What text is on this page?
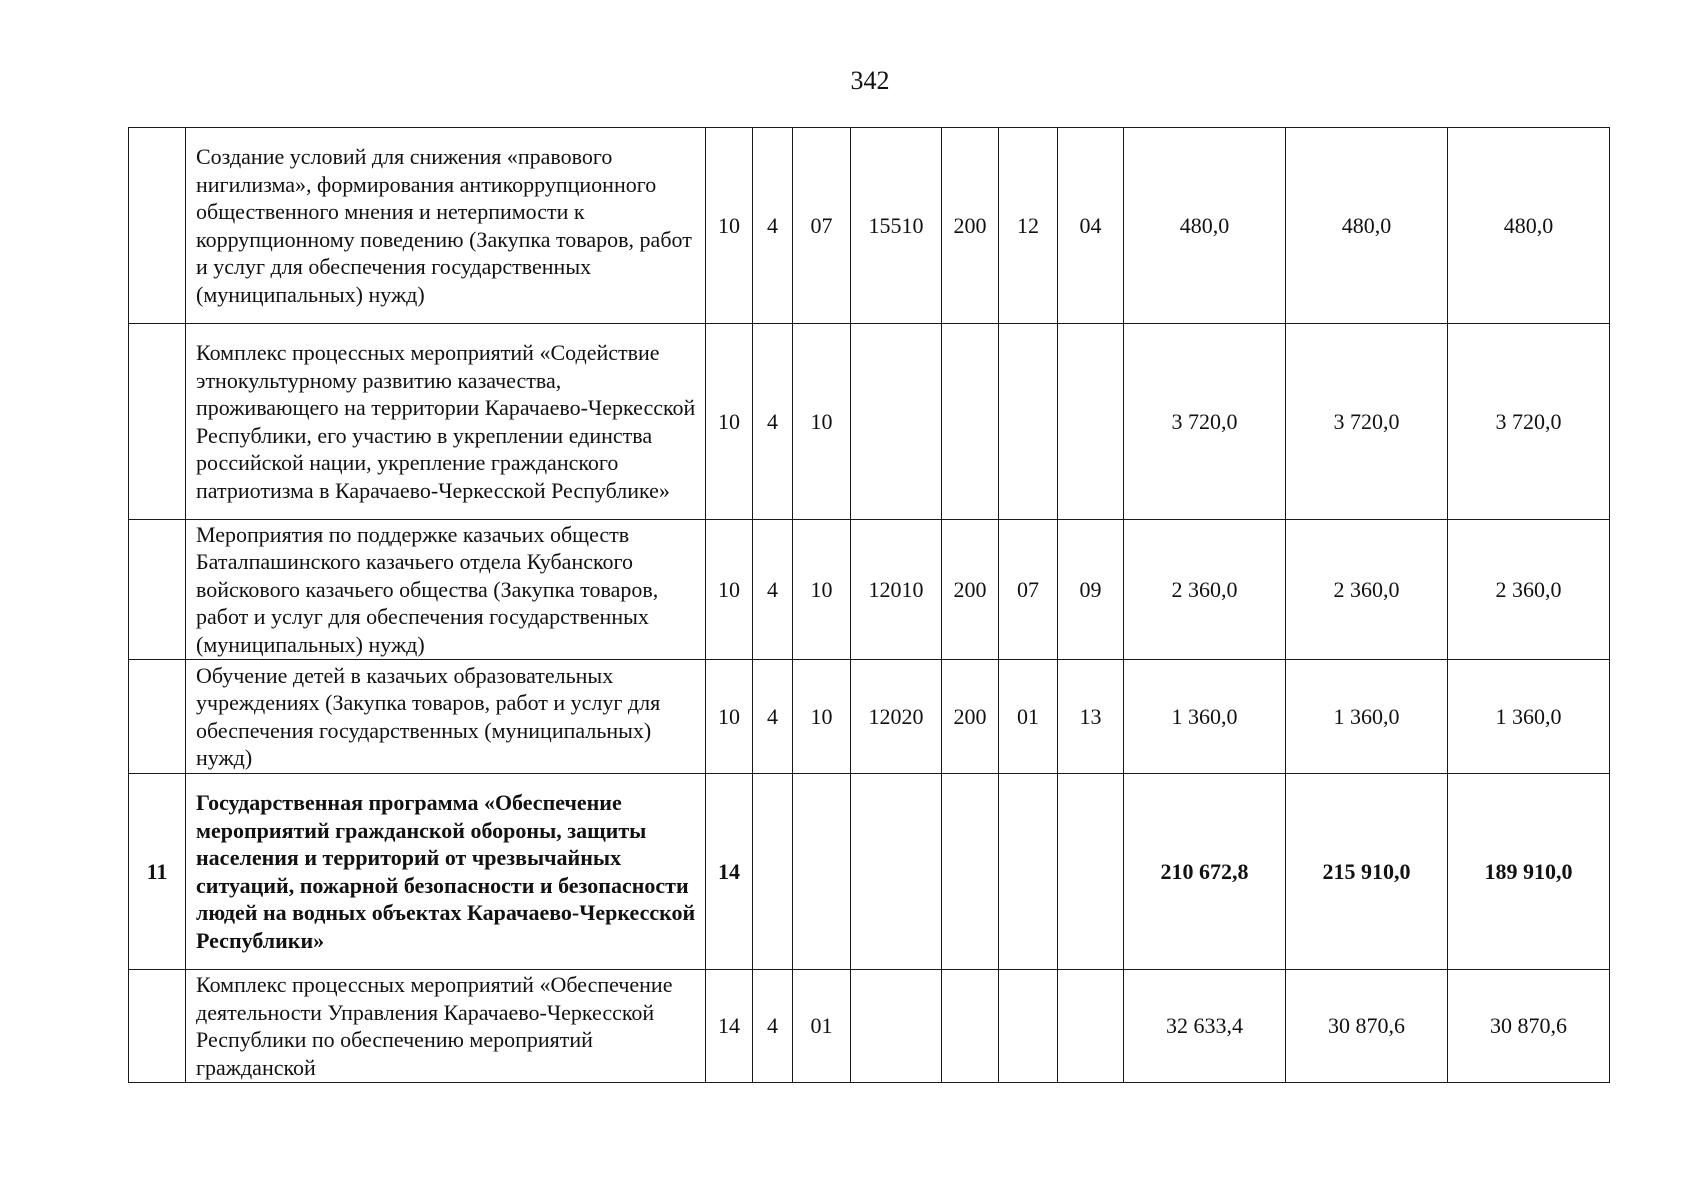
342
	Создание условий для снижения «правового нигилизма», формирования антикоррупционного общественного мнения и нетерпимости к коррупционному поведению (Закупка товаров, работ и услуг для обеспечения государственных (муниципальных) нужд)	10	4	07	15510	200	12	04	480,0	480,0	480,0
	Комплекс процессных мероприятий «Содействие этнокультурному развитию казачества, проживающего на территории Карачаево-Черкесской Республики, его участию в укреплении единства российской нации, укрепление гражданского патриотизма в Карачаево-Черкесской Республике»	10	4	10					3 720,0	3 720,0	3 720,0
	Мероприятия по поддержке казачьих обществ Баталпашинского казачьего отдела Кубанского войскового казачьего общества (Закупка товаров, работ и услуг для обеспечения государственных (муниципальных) нужд)	10	4	10	12010	200	07	09	2 360,0	2 360,0	2 360,0
	Обучение детей в казачьих образовательных учреждениях (Закупка товаров, работ и услуг для обеспечения государственных (муниципальных) нужд)	10	4	10	12020	200	01	13	1 360,0	1 360,0	1 360,0
11	Государственная программа «Обеспечение мероприятий гражданской обороны, защиты населения и территорий от чрезвычайных ситуаций, пожарной безопасности и безопасности людей на водных объектах Карачаево-Черкесской Республики»	14							210 672,8	215 910,0	189 910,0
	Комплекс процессных мероприятий «Обеспечение деятельности Управления Карачаево-Черкесской Республики по обеспечению мероприятий гражданской	14	4	01					32 633,4	30 870,6	30 870,6
